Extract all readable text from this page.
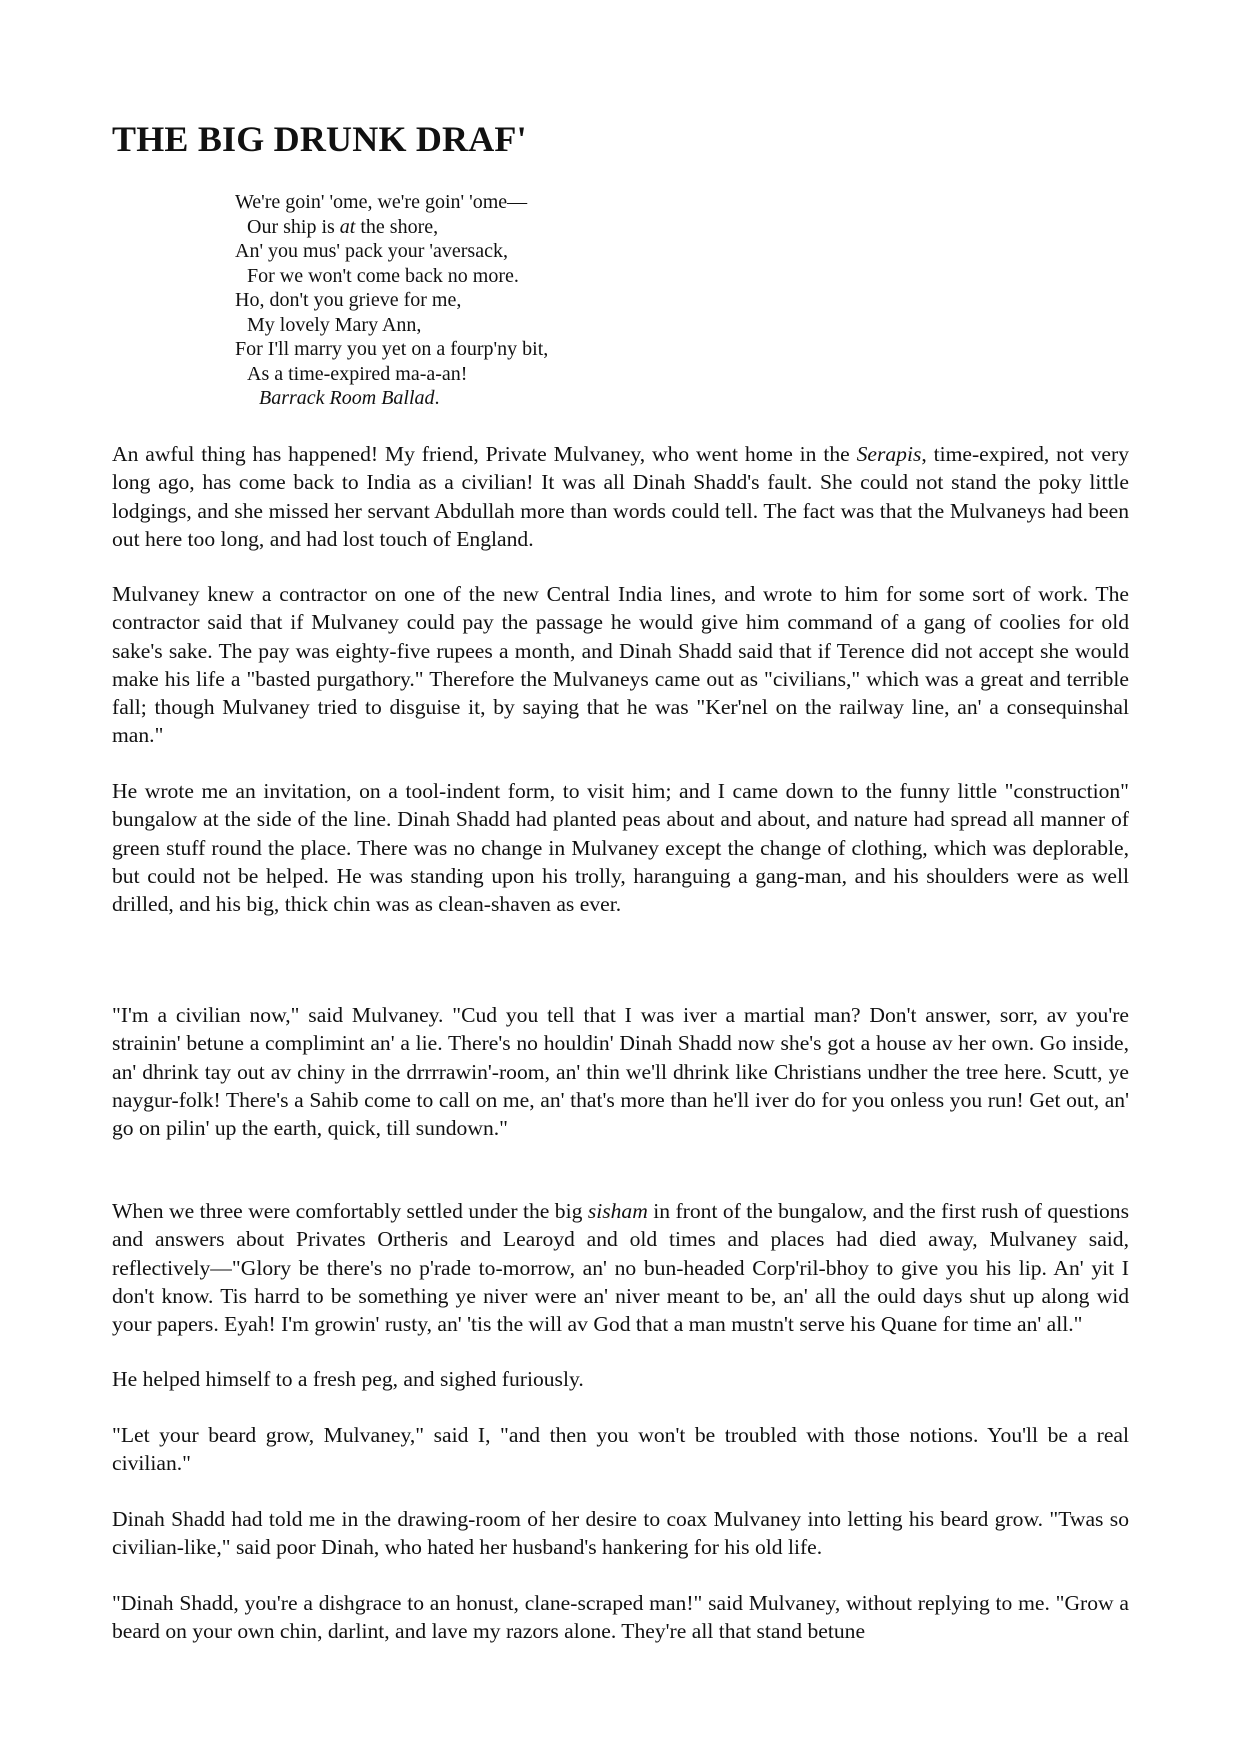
THE BIG DRUNK DRAF'
We're goin' 'ome, we're goin' 'ome—
Our ship is at the shore,
An' you mus' pack your 'aversack,
For we won't come back no more.
Ho, don't you grieve for me,
My lovely Mary Ann,
For I'll marry you yet on a fourp'ny bit,
As a time-expired ma-a-an!
Barrack Room Ballad.

An awful thing has happened! My friend, Private Mulvaney, who went home in the Serapis, time-expired, not very long ago, has come back to India as a civilian! It was all Dinah Shadd's fault. She could not stand the poky little lodgings, and she missed her servant Abdullah more than words could tell. The fact was that the Mulvaneys had been out here too long, and had lost touch of England.

Mulvaney knew a contractor on one of the new Central India lines, and wrote to him for some sort of work. The contractor said that if Mulvaney could pay the passage he would give him command of a gang of coolies for old sake's sake. The pay was eighty-five rupees a month, and Dinah Shadd said that if Terence did not accept she would make his life a "basted purgathory." Therefore the Mulvaneys came out as "civilians," which was a great and terrible fall; though Mulvaney tried to disguise it, by saying that he was "Ker'nel on the railway line, an' a consequinshal man."

He wrote me an invitation, on a tool-indent form, to visit him; and I came down to the funny little "construction" bungalow at the side of the line. Dinah Shadd had planted peas about and about, and nature had spread all manner of green stuff round the place. There was no change in Mulvaney except the change of clothing, which was deplorable, but could not be helped. He was standing upon his trolly, haranguing a gang-man, and his shoulders were as well drilled, and his big, thick chin was as clean-shaven as ever.

"I'm a civilian now," said Mulvaney. "Cud you tell that I was iver a martial man? Don't answer, sorr, av you're strainin' betune a complimint an' a lie. There's no houldin' Dinah Shadd now she's got a house av her own. Go inside, an' dhrink tay out av chiny in the drrrrawin'-room, an' thin we'll dhrink like Christians undher the tree here. Scutt, ye naygur-folk! There's a Sahib come to call on me, an' that's more than he'll iver do for you onless you run! Get out, an' go on pilin' up the earth, quick, till sundown."

When we three were comfortably settled under the big sisham in front of the bungalow, and the first rush of questions and answers about Privates Ortheris and Learoyd and old times and places had died away, Mulvaney said, reflectively—"Glory be there's no p'rade to-morrow, an' no bun-headed Corp'ril-bhoy to give you his lip. An' yit I don't know. Tis harrd to be something ye niver were an' niver meant to be, an' all the ould days shut up along wid your papers. Eyah! I'm growin' rusty, an' 'tis the will av God that a man mustn't serve his Quane for time an' all."

He helped himself to a fresh peg, and sighed furiously.

"Let your beard grow, Mulvaney," said I, "and then you won't be troubled with those notions. You'll be a real civilian."

Dinah Shadd had told me in the drawing-room of her desire to coax Mulvaney into letting his beard grow. "Twas so civilian-like," said poor Dinah, who hated her husband's hankering for his old life.

"Dinah Shadd, you're a dishgrace to an honust, clane-scraped man!" said Mulvaney, without replying to me. "Grow a beard on your own chin, darlint, and lave my razors alone. They're all that stand betune
